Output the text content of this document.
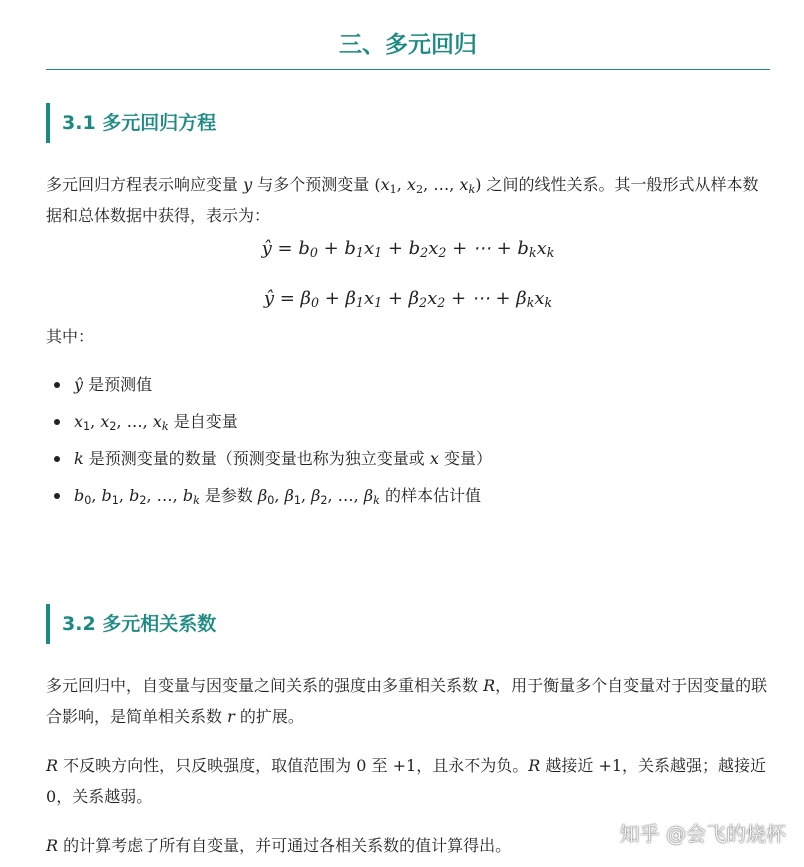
三、多元回归
3.1 多元回归方程
多元回归方程表示响应变量 y 与多个预测变量 ($x_1$, $x_2$, …, $x_k$) 之间的线性关系。其一般形式从样本数据和总体数据中获得，表示为：
ŷ = $b_0 + b_1x_1 + b_2x_2$ + ⋯ + $b_kx_k$
ŷ = $\beta_0 + \beta_1x_1 + \beta_2x_2$ + ⋯ + $\beta_kx_k$
其中：
ŷ 是预测值
$x_1$, $x_2$, …, $x_k$ 是自变量
k 是预测变量的数量（预测变量也称为独立变量或 x 变量）
$b_0$, $b_1$, $b_2$, …, $b_k$ 是参数 $\beta_0$, $\beta_1$, $\beta_2$, …, $\beta_k$ 的样本估计值
3.2 多元相关系数
多元回归中，自变量与因变量之间关系的强度由多重相关系数 R，用于衡量多个自变量对于因变量的联合影响，是简单相关系数 r 的扩展。
R 不反映方向性，只反映强度，取值范围为 0 至 +1，且永不为负。R 越接近 +1，关系越强；越接近 0，关系越弱。
R 的计算考虑了所有自变量，并可通过各相关系数的值计算得出。	知乎 @会飞的烧杯
